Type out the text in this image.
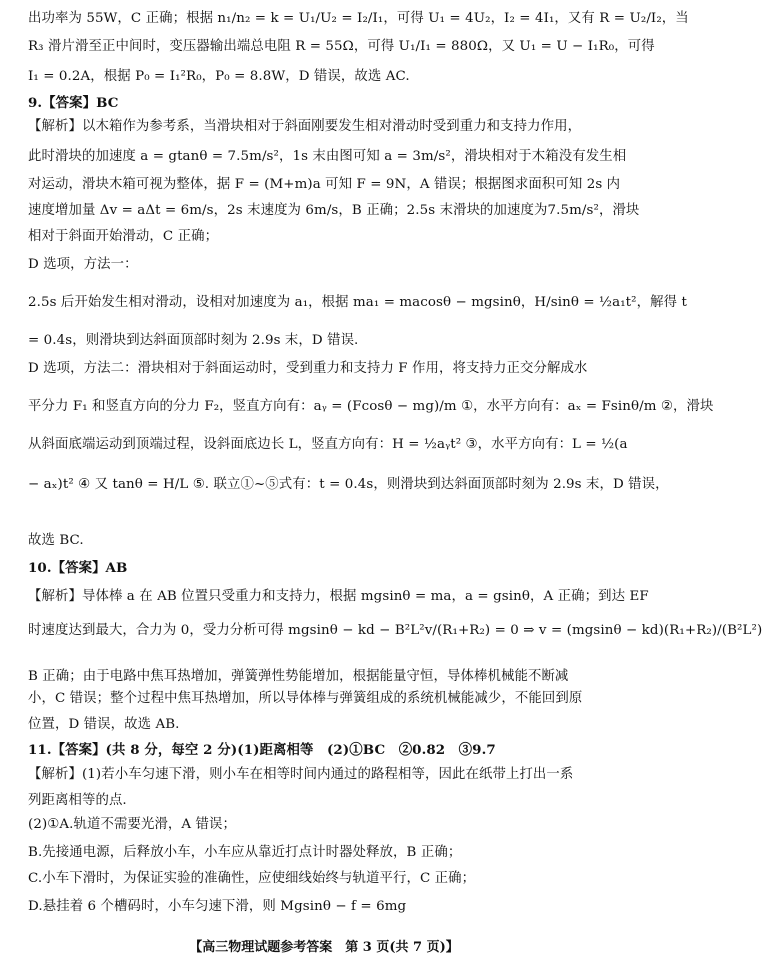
出功率为 55W，C 正确；根据 n₁/n₂ = k = U₁/U₂ = I₂/I₁，可得 U₁ = 4U₂，I₂ = 4I₁，又有 R = U₂/I₂，当
R₃ 滑片滑至正中间时，变压器输出端总电阻 R = 55Ω，可得 U₁/I₁ = 880Ω，又 U₁ = U − I₁R₀，可得
I₁ = 0.2A，根据 P₀ = I₁²R₀，P₀ = 8.8W，D 错误，故选 AC.
9.【答案】BC
【解析】以木箱作为参考系，当滑块相对于斜面刚要发生相对滑动时受到重力和支持力作用，
此时滑块的加速度 a = gtanθ = 7.5m/s²，1s 末由图可知 a = 3m/s²，滑块相对于木箱没有发生相
对运动，滑块木箱可视为整体，据 F = (M+m)a 可知 F = 9N，A 错误；根据图求面积可知 2s 内
速度增加量 Δv = aΔt = 6m/s，2s 末速度为 6m/s，B 正确；2.5s 末滑块的加速度为7.5m/s²，滑块
相对于斜面开始滑动，C 正确；
D 选项，方法一：
2.5s 后开始发生相对滑动，设相对加速度为 a₁，根据 ma₁ = macosθ − mgsinθ，H/sinθ = ½a₁t²，解得 t
= 0.4s，则滑块到达斜面顶部时刻为 2.9s 末，D 错误.
D 选项，方法二：滑块相对于斜面运动时，受到重力和支持力 F 作用，将支持力正交分解成水
平分力 F₁ 和竖直方向的分力 F₂，竖直方向有：aᵧ = (Fcosθ − mg)/m ①，水平方向有：aₓ = Fsinθ/m ②，滑块
从斜面底端运动到顶端过程，设斜面底边长 L，竖直方向有：H = ½aᵧt² ③，水平方向有：L = ½(a
− aₓ)t² ④ 又 tanθ = H/L ⑤. 联立①~⑤式有：t = 0.4s，则滑块到达斜面顶部时刻为 2.9s 末，D 错误，
故选 BC.
10.【答案】AB
【解析】导体棒 a 在 AB 位置只受重力和支持力，根据 mgsinθ = ma，a = gsinθ，A 正确；到达 EF
时速度达到最大，合力为 0，受力分析可得 mgsinθ − kd − B²L²v/(R₁+R₂) = 0 ⇒ v = (mgsinθ − kd)(R₁+R₂)/(B²L²)
B 正确；由于电路中焦耳热增加，弹簧弹性势能增加，根据能量守恒，导体棒机械能不断减
小，C 错误；整个过程中焦耳热增加，所以导体棒与弹簧组成的系统机械能减少，不能回到原
位置，D 错误，故选 AB.
11.【答案】(共 8 分，每空 2 分)(1)距离相等　(2)①BC　②0.82　③9.7
【解析】(1)若小车匀速下滑，则小车在相等时间内通过的路程相等，因此在纸带上打出一系
列距离相等的点.
(2)①A.轨道不需要光滑，A 错误；
B.先接通电源，后释放小车，小车应从靠近打点计时器处释放，B 正确；
C.小车下滑时，为保证实验的准确性，应使细线始终与轨道平行，C 正确；
D.悬挂着 6 个槽码时，小车匀速下滑，则 Mgsinθ − f = 6mg
【高三物理试题参考答案　第 3 页(共 7 页)】
